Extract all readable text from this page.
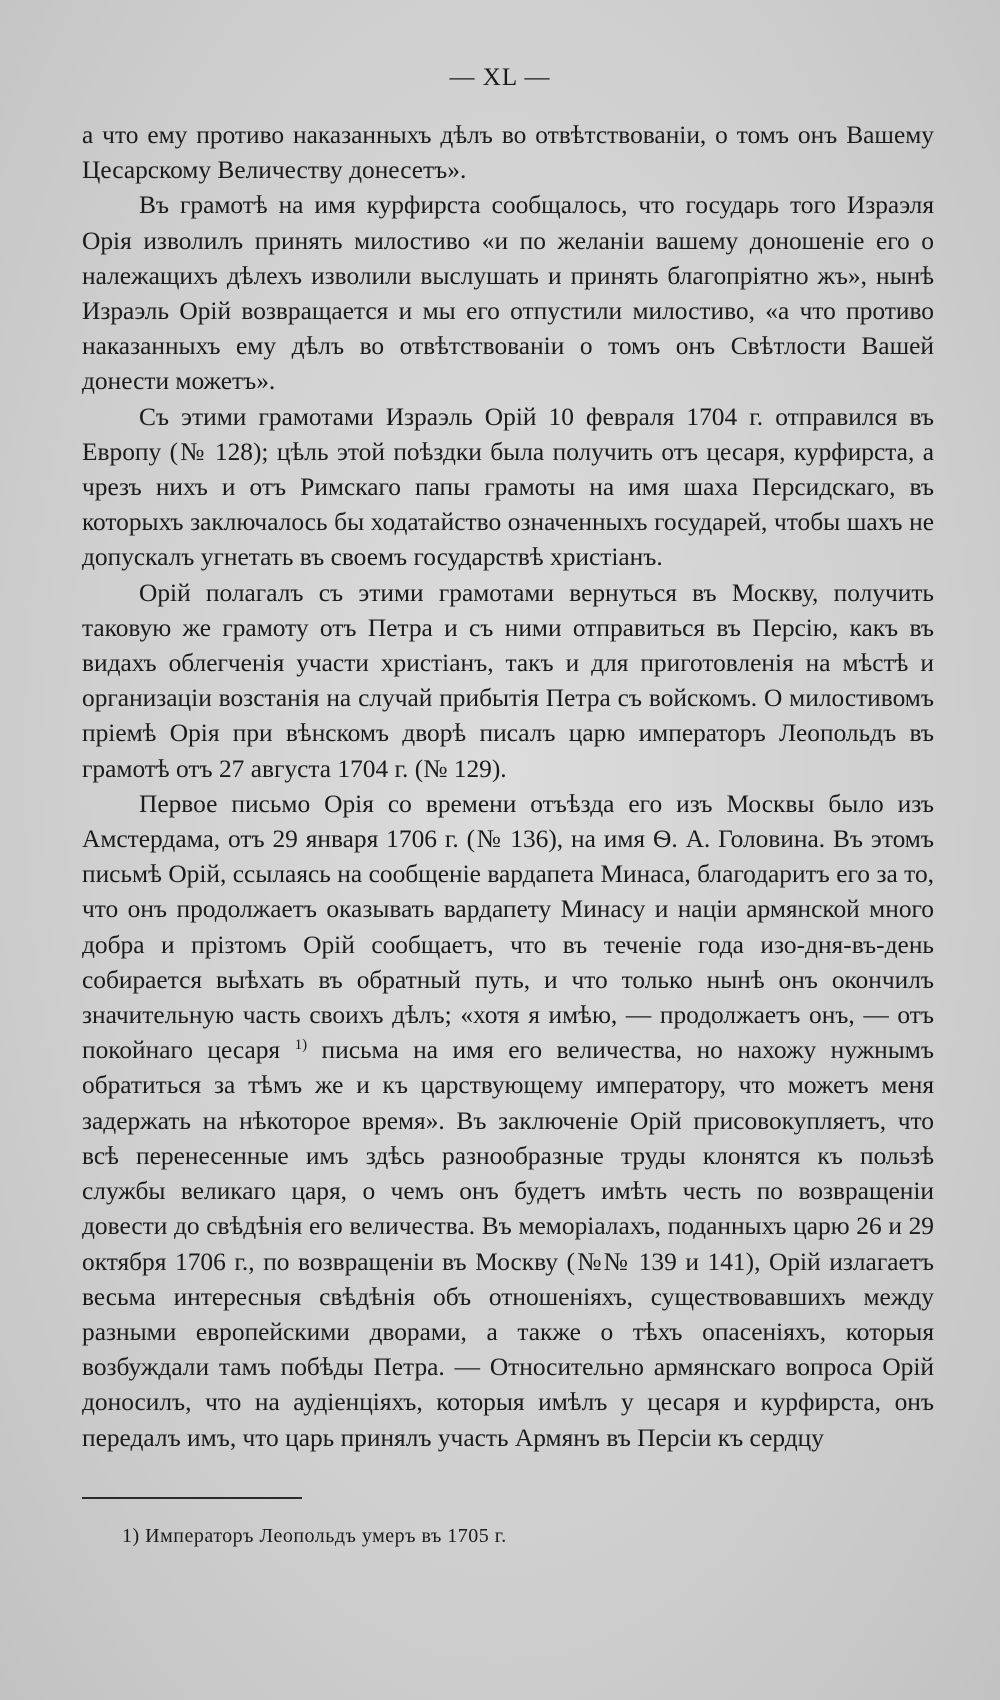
— XL —

а что ему противо наказанныхъ дѣлъ во отвѣтствованіи, о томъ онъ Вашему Цесарскому Величеству донесетъ».

Въ грамотѣ на имя курфирста сообщалось, что государь того Израэля Орія изволилъ принять милостиво «и по желаніи вашему доношеніе его о належащихъ дѣлехъ изволили выслушать и принять благопріятно жъ», нынѣ Израэль Орій возвращается и мы его отпустили милостиво, «а что противо наказанныхъ ему дѣлъ во отвѣтствованіи о томъ онъ Свѣтлости Вашей донести можетъ».

Съ этими грамотами Израэль Орій 10 февраля 1704 г. отправился въ Европу (№ 128); цѣль этой поѣздки была получить отъ цесаря, курфирста, а чрезъ нихъ и отъ Римскаго папы грамоты на имя шаха Персидскаго, въ которыхъ заключалось бы ходатайство означенныхъ государей, чтобы шахъ не допускалъ угнетать въ своемъ государствѣ христіанъ.

Орій полагалъ съ этими грамотами вернуться въ Москву, получить таковую же грамоту отъ Петра и съ ними отправиться въ Персію, какъ въ видахъ облегченія участи христіанъ, такъ и для приготовленія на мѣстѣ и организаціи возстанія на случай прибытія Петра съ войскомъ. О милостивомъ пріемѣ Орія при вѣнскомъ дворѣ писалъ царю императоръ Леопольдъ въ грамотѣ отъ 27 августа 1704 г. (№ 129).

Первое письмо Орія со времени отъѣзда его изъ Москвы было изъ Амстердама, отъ 29 января 1706 г. (№ 136), на имя Ѳ. А. Головина. Въ этомъ письмѣ Орій, ссылаясь на сообщеніе вардапета Минаса, благодаритъ его за то, что онъ продолжаетъ оказывать вардапету Минасу и націи армянской много добра и прізтомъ Орій сообщаетъ, что въ теченіе года изо-дня-въ-день собирается выѣхать въ обратный путь, и что только нынѣ онъ окончилъ значительную часть своихъ дѣлъ; «хотя я имѣю, — продолжаетъ онъ, — отъ покойнаго цесаря $^{1)}$ письма на имя его величества, но нахожу нужнымъ обратиться за тѣмъ же и къ царствующему императору, что можетъ меня задержать на нѣкоторое время». Въ заключеніе Орій присовокупляетъ, что всѣ перенесенные имъ здѣсь разнообразные труды клонятся къ пользѣ службы великаго царя, о чемъ онъ будетъ имѣть честь по возвращеніи довести до свѣдѣнія его величества. Въ меморіалахъ, поданныхъ царю 26 и 29 октября 1706 г., по возвращеніи въ Москву (№№ 139 и 141), Орій излагаетъ весьма интересныя свѣдѣнія объ отношеніяхъ, существовавшихъ между разными европейскими дворами, а также о тѣхъ опасеніяхъ, которыя возбуждали тамъ побѣды Петра. — Относительно армянскаго вопроса Орій доносилъ, что на аудіенціяхъ, которыя имѣлъ у цесаря и курфирста, онъ передалъ имъ, что царь принялъ участь Армянъ въ Персіи къ сердцу

1) Императоръ Леопольдъ умеръ въ 1705 г.
